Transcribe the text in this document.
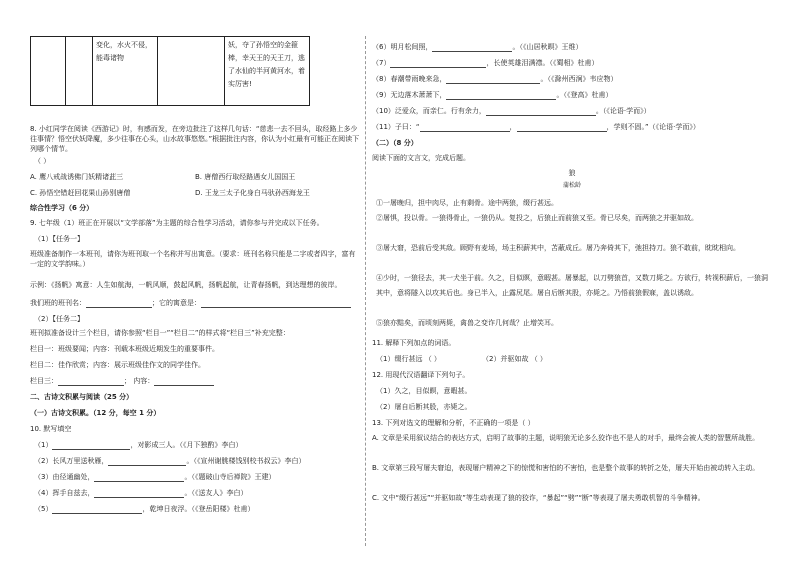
		变化，水火不侵，能毒诸物		妖，夺了孙悟空的金箍棒，幸天王的天王刀，逃了水仙的半河黄河水，着实厉害!
8. 小红同学在阅读《西游记》时，有感而发，在旁边批注了这样几句话：“慈悲一去不回头，取经路上多少往事情？悟空伏妖降魔，多少往事在心头，山水故事悠悠。”根据批注内容，你认为小红最有可能正在阅读下列哪个情节。
（ ）
A. 鹰八戒战诱佛门妖精诸茈三	B. 唐僧西行取经路遇女儿国国王
C. 孙悟空错赶回花果山孙别唐僧	D. 王龙三太子化身白马驮孙西海龙王
综合性学习（6 分）
9. 七年级（1）班正在开展以“文学部落”为主题的综合性学习活动，请你参与并完成以下任务。
（1）【任务一】
班级准备制作一本班刊，请你为班刊取一个名称并写出寓意。（要求：班刊名称只能是二字或者四字，富有一定的文学韵味。）
示例：《扬帆》寓意：人生如航海，一帆风顺，鼓起风帆，扬帆起航，让青春扬帆，到达理想的彼岸。
我们班的班刊名：	；它的寓意是：
（2）【任务二】
班刊拟准备设计三个栏目，请你参照“栏目一”“栏目二”的样式将“栏目三”补充完整：
栏目一：班级要闻；内容：刊载本班级近期发生的重要事件。
栏目二：佳作欣赏；内容：展示班级佳作文的同学佳作。
栏目三：	； 内容：
二、古诗文积累与阅读（25 分）
（一）古诗文积累。（12 分，每空 1 分）
10. 默写填空
（1）	，对影成三人。（《月下独酌》李白）
（2）长风万里送秋雁，	。（《宣州谢朓楼饯别校书叔云》李白）
（3）由径通幽处，	。（《题破山寺后禅院》王建）
（4）挥手自兹去，	。（《送友人》李白）
（5）	，乾坤日夜浮。（《登岳阳楼》杜甫）
（6）明月松间照，	。（《山居秋暝》王维）
（7）	，长使英雄泪满襟。（《蜀相》杜甫）
（8）春潮带雨晚来急，	。（《滁州西涧》韦应物）
（9）无边落木萧萧下，	。（《登高》杜甫）
（10）泛爱众，而亲仁。行有余力，	。（《论语·学而》）
（11）子曰：“	，	，学则不固。”（《论语·学而》）
（二）（8 分）
阅读下面的文言文，完成后题。
狼
蒲松龄
①一屠晚归，担中肉尽，止有剩骨。途中两狼，缀行甚远。
②屠惧，投以骨。一狼得骨止，一狼仍从。复投之，后狼止而前狼又至。骨已尽矣，而两狼之并驱如故。
③屠大窘，恐前后受其敌。顾野有麦场，场主积薪其中，苫蔽成丘。屠乃奔倚其下，弛担持刀。狼不敢前，眈眈相向。
④少时，一狼径去，其一犬坐于前。久之，目似瞑，意暇甚。屠暴起，以刀劈狼首，又数刀毙之。方欲行，转视积薪后，一狼洞其中，意将隧入以攻其后也。身已半入，止露尻尾。屠自后断其股，亦毙之。乃悟前狼假寐，盖以诱敌。
⑤狼亦黠矣，而顷刻两毙，禽兽之变诈几何哉？止增笑耳。
11. 解释下列加点的词语。
（1）缀行甚远 （ ）	（2）并驱如故 （ ）
12. 用现代汉语翻译下列句子。
（1）久之，目似瞑，意暇甚。
（2）屠自后断其股，亦毙之。
13. 下列对选文的理解和分析，不正确的一项是（ ）
A. 文章是采用叙议结合的表达方式，启明了故事的主题，说明狼无论多么狡诈也不是人的对手，最终会被人类的智慧所战胜。
B. 文章第三段写屠夫窘迫，表现屠户精神之下的惊慌和害怕的不害怕，也是整个故事的转折之处，屠夫开始由被动转入主动。
C. 文中“缀行甚远”“并驱如故”等生动表现了狼的狡诈，“暴起”“劈”“断”等表现了屠夫勇敢机智的斗争精神。
